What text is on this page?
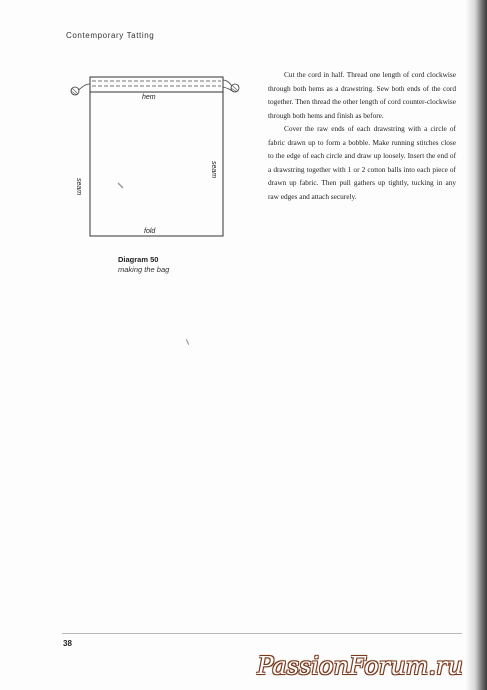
Contemporary Tatting
hem
seam
seam
fold
Diagram 50
making the bag

Cut the cord in half. Thread one length of cord clockwise through both hems as a drawstring. Sew both ends of the cord together. Then thread the other length of cord counter-clockwise through both hems and finish as before.

Cover the raw ends of each drawstring with a circle of fabric drawn up to form a bobble. Make running stitches close to the edge of each circle and draw up loosely. Insert the end of a drawstring together with 1 or 2 cotton balls into each piece of drawn up fabric. Then pull gathers up tightly, tucking in any raw edges and attach securely.

38
PassionForum.ru
